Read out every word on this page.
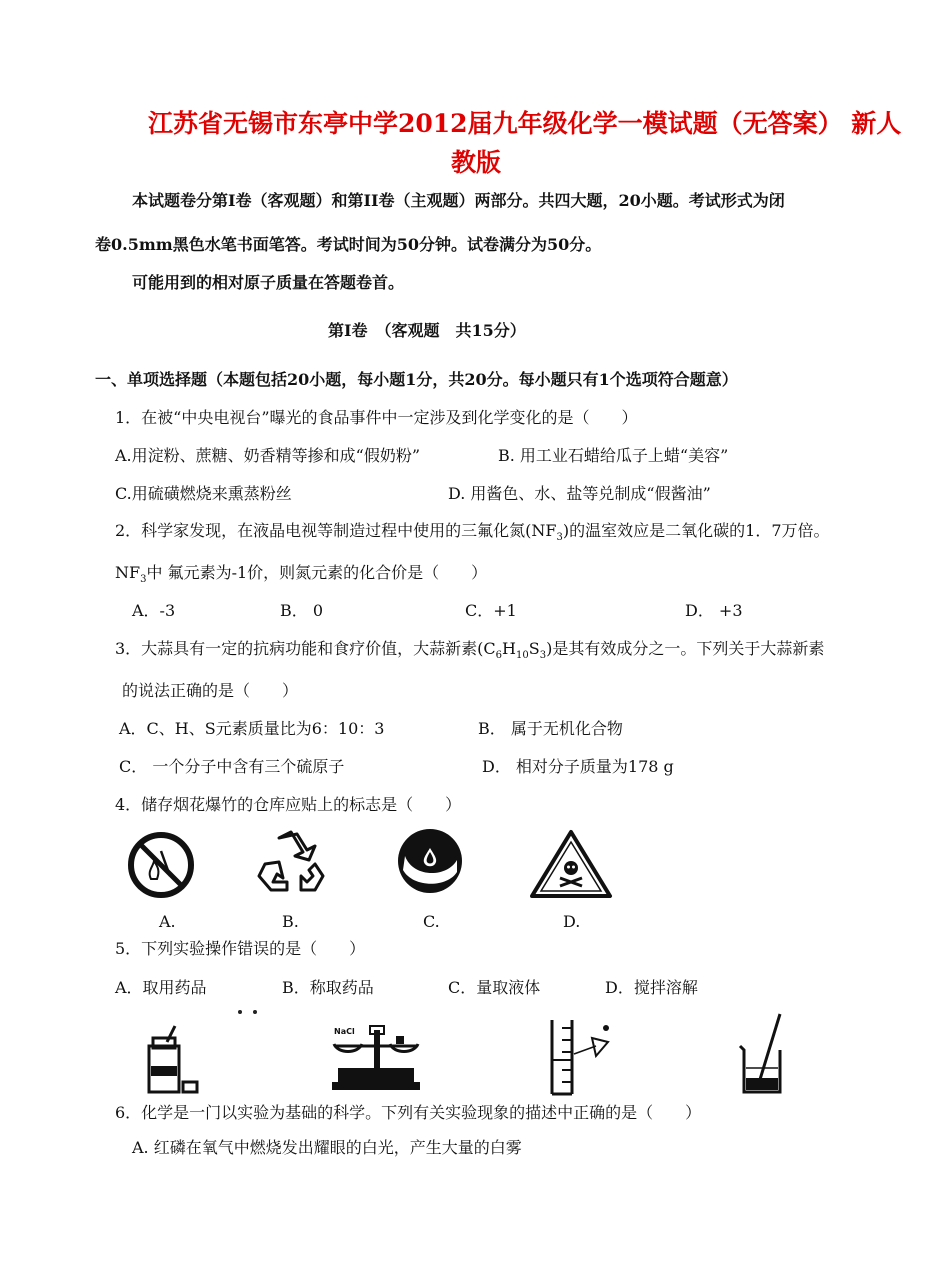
江苏省无锡市东亭中学2012届九年级化学一模试题（无答案） 新人
教版
本试题卷分第I卷（客观题）和第II卷（主观题）两部分。共四大题，20小题。考试形式为闭
卷0.5mm黑色水笔书面笔答。考试时间为50分钟。试卷满分为50分。
可能用到的相对原子质量在答题卷首。
第I卷　（客观题　共15分）
一、单项选择题（本题包括20小题，每小题1分，共20分。每小题只有1个选项符合题意）
1．在被“中央电视台”曝光的食品事件中一定涉及到化学变化的是（　　）
A.用淀粉、蔗糖、奶香精等掺和成“假奶粉”	B. 用工业石蜡给瓜子上蜡“美容”
C.用硫磺燃烧来熏蒸粉丝	D. 用酱色、水、盐等兑制成“假酱油”
2．科学家发现，在液晶电视等制造过程中使用的三氟化氮$(NF_3)$的温室效应是二氧化碳的1．7万倍。
$NF_3$中 氟元素为-1价，则氮元素的化合价是（　　）
A．-3	B． 0	C．+1	D． +3
3．大蒜具有一定的抗病功能和食疗价值，大蒜新素$(C_6H_{10}S_3)$是其有效成分之一。下列关于大蒜新素
的说法正确的是（　　）
A．C、H、S元素质量比为6：10：3	B． 属于无机化合物
C． 一个分子中含有三个硫原子	D． 相对分子质量为178 g
4．储存烟花爆竹的仓库应贴上的标志是（　　）
A.	B.	C.	D.
5．下列实验操作错误的是（　　）
A．取用药品	B．称取药品	C．量取液体	D．搅拌溶解
NaCl
6．化学是一门以实验为基础的科学。下列有关实验现象的描述中正确的是（　　）
A. 红磷在氧气中燃烧发出耀眼的白光，产生大量的白雾
